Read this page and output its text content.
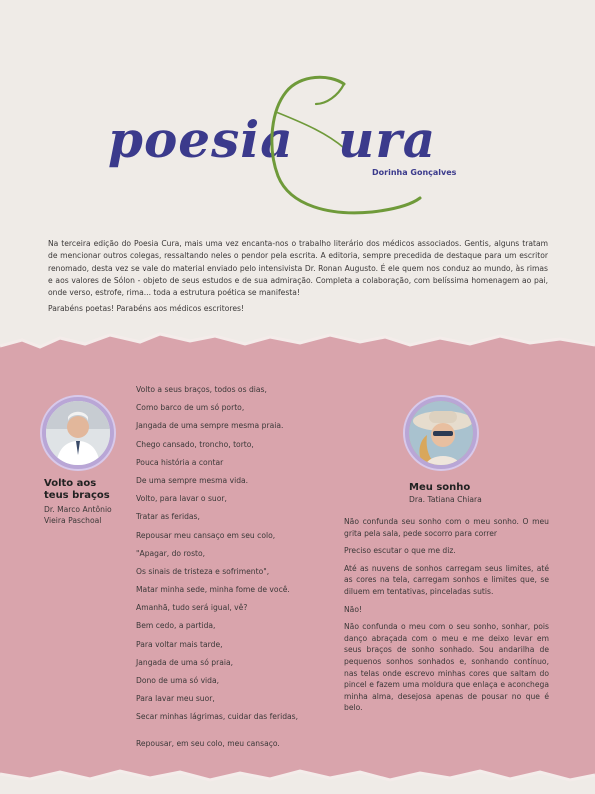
poesia ura
Dorinha Gonçalves

Na terceira edição do Poesia Cura, mais uma vez encanta-nos o trabalho literário dos médicos associados. Gentis, alguns tratam de mencionar outros colegas, ressaltando neles o pendor pela escrita. A editoria, sempre precedida de destaque para um escritor renomado, desta vez se vale do material enviado pelo intensivista Dr. Ronan Augusto. É ele quem nos conduz ao mundo, às rimas e aos valores de Sólon - objeto de seus estudos e de sua admiração. Completa a colaboração, com belíssima homenagem ao pai, onde verso, estrofe, rima... toda a estrutura poética se manifesta!

Parabéns poetas! Parabéns aos médicos escritores!

Volto aos teus braços
Dr. Marco Antônio Vieira Paschoal
Volto a seus braços, todos os dias,
Como barco de um só porto,
Jangada de uma sempre mesma praia.
Chego cansado, troncho, torto,
Pouca história a contar
De uma sempre mesma vida.
Volto, para lavar o suor,
Tratar as feridas,
Repousar meu cansaço em seu colo,
"Apagar, do rosto,
Os sinais de tristeza e sofrimento",
Matar minha sede, minha fome de você.
Amanhã, tudo será igual, vê?
Bem cedo, a partida,
Para voltar mais tarde,
Jangada de uma só praia,
Dono de uma só vida,
Para lavar meu suor,
Secar minhas lágrimas, cuidar das feridas,
Repousar, em seu colo, meu cansaço.
Meu sonho
Dra. Tatiana Chiara

Não confunda seu sonho com o meu sonho. O meu grita pela sala, pede socorro para correr

Preciso escutar o que me diz.

Até as nuvens de sonhos carregam seus limites, até as cores na tela, carregam sonhos e limites que, se diluem em tentativas, pinceladas sutis.

Não!

Não confunda o meu com o seu sonho, sonhar, pois danço abraçada com o meu e me deixo levar em seus braços de sonho sonhado. Sou andarilha de pequenos sonhos sonhados e, sonhando contínuo, nas telas onde escrevo minhas cores que saltam do pincel e fazem uma moldura que enlaça e aconchega minha alma, desejosa apenas de pousar no que é belo.
